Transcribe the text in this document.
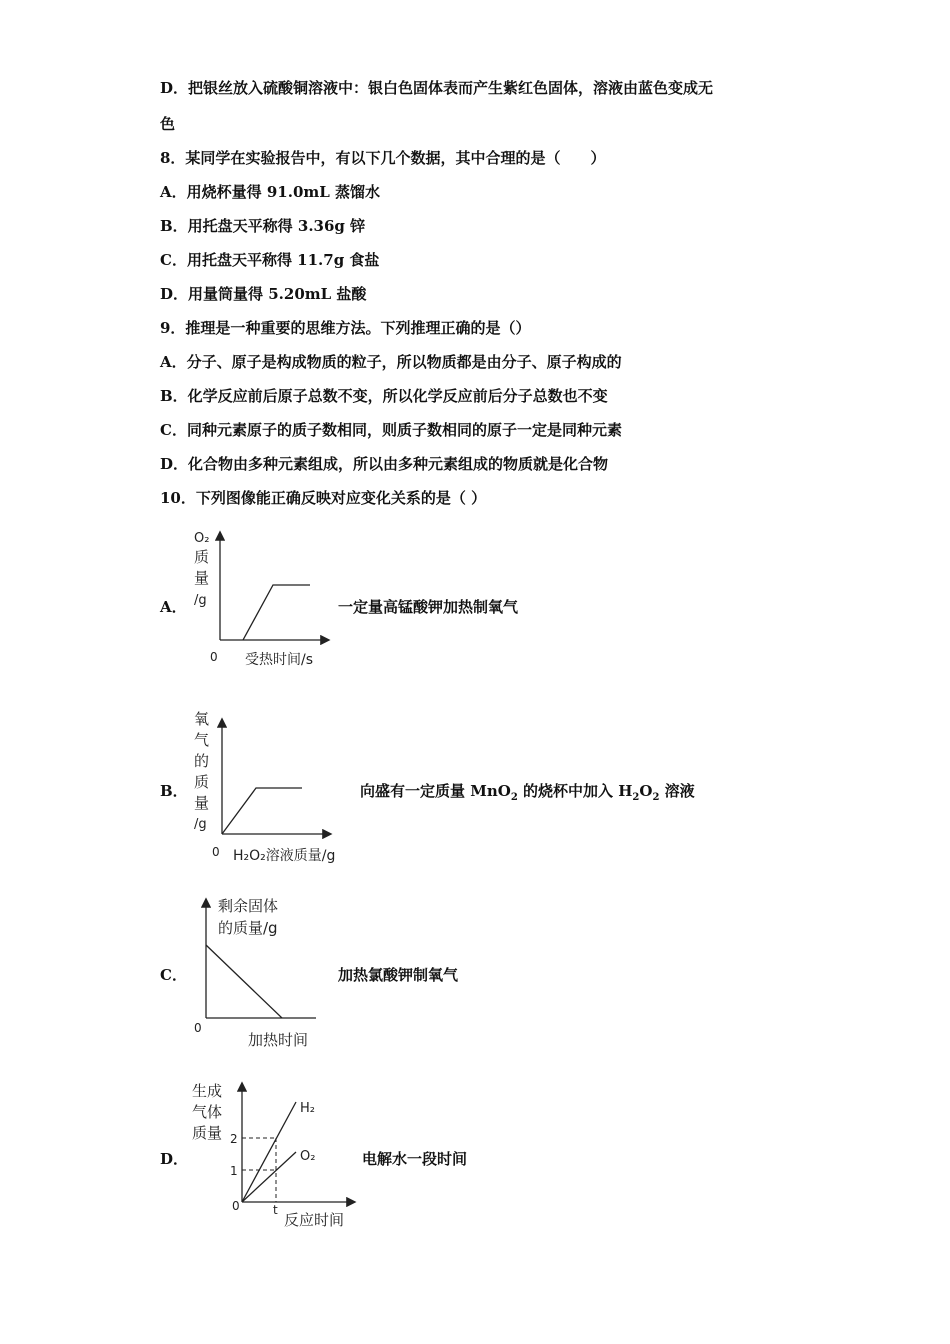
D．把银丝放入硫酸铜溶液中：银白色固体表而产生紫红色固体，溶液由蓝色变成无
色
8．某同学在实验报告中，有以下几个数据，其中合理的是（　　）
A．用烧杯量得 91.0mL 蒸馏水
B．用托盘天平称得 3.36g 锌
C．用托盘天平称得 11.7g 食盐
D．用量筒量得 5.20mL 盐酸
9．推理是一种重要的思维方法。下列推理正确的是（）
A．分子、原子是构成物质的粒子，所以物质都是由分子、原子构成的
B．化学反应前后原子总数不变，所以化学反应前后分子总数也不变
C．同种元素原子的质子数相同，则质子数相同的原子一定是同种元素
D．化合物由多种元素组成，所以由多种元素组成的物质就是化合物
10．下列图像能正确反映对应变化关系的是（ ）
A．
O₂
质
量
/g
0 受热时间/s
一定量高锰酸钾加热制氧气
B．
氧
气
的
质
量
/g
0 H₂O₂溶液质量/g
向盛有一定质量 MnO$_2$ 的烧杯中加入 $H_2O_2$ 溶液
C．
剩余固体
的质量/g
0
加热时间
加热氯酸钾制氧气
D．
生成
气体
质量 2
1
0	t
反应时间
H₂
O₂	电解水一段时间
